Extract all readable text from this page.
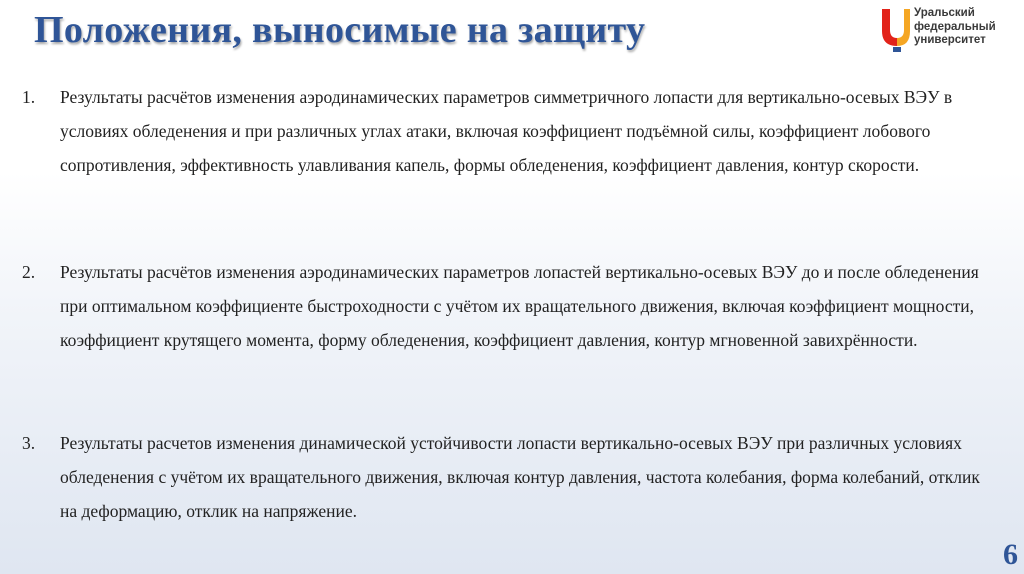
Положения, выносимые на защиту	Уральский
федеральный
университет
1. Результаты расчётов изменения аэродинамических параметров симметричного лопасти для вертикально-осевых ВЭУ в условиях обледенения и при различных углах атаки, включая коэффициент подъёмной силы, коэффициент лобового сопротивления, эффективность улавливания капель, формы обледенения, коэффициент давления, контур скорости.
2. Результаты расчётов изменения аэродинамических параметров лопастей вертикально-осевых ВЭУ до и после обледенения при оптимальном коэффициенте быстроходности с учётом их вращательного движения, включая коэффициент мощности, коэффициент крутящего момента, форму обледенения, коэффициент давления, контур мгновенной завихрённости.
3. Результаты расчетов изменения динамической устойчивости лопасти вертикально-осевых ВЭУ при различных условиях обледенения с учётом их вращательного движения, включая контур давления, частота колебания, форма колебаний, отклик на деформацию, отклик на напряжение.
6
